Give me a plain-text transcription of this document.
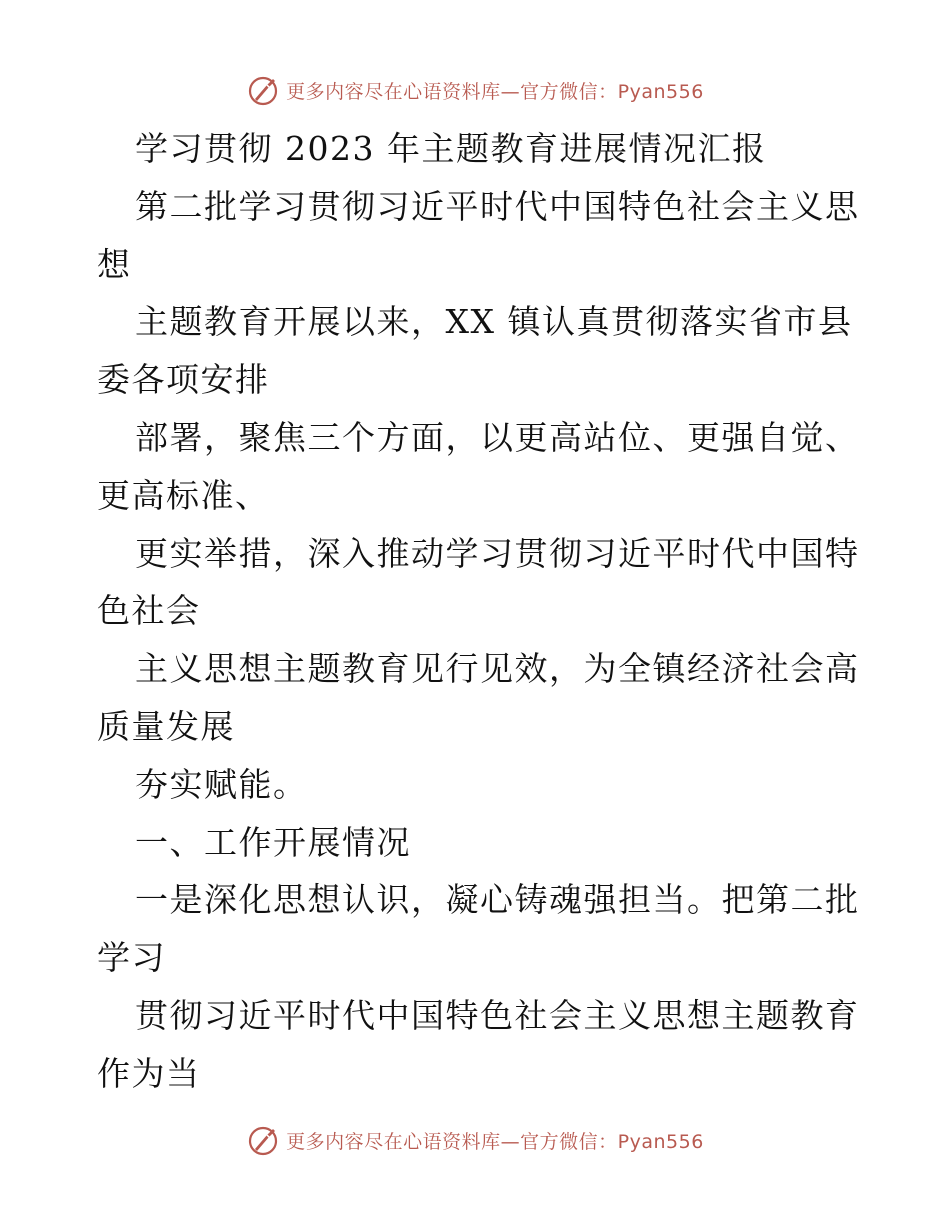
更多内容尽在心语资料库—官方微信：Pyan556
学习贯彻 2023 年主题教育进展情况汇报
第二批学习贯彻习近平时代中国特色社会主义思
想
主题教育开展以来，XX 镇认真贯彻落实省市县
委各项安排
部署，聚焦三个方面，以更高站位、更强自觉、
更高标准、
更实举措，深入推动学习贯彻习近平时代中国特
色社会
主义思想主题教育见行见效，为全镇经济社会高
质量发展
夯实赋能。
一、工作开展情况
一是深化思想认识，凝心铸魂强担当。把第二批
学习
贯彻习近平时代中国特色社会主义思想主题教育
作为当
更多内容尽在心语资料库—官方微信：Pyan556
